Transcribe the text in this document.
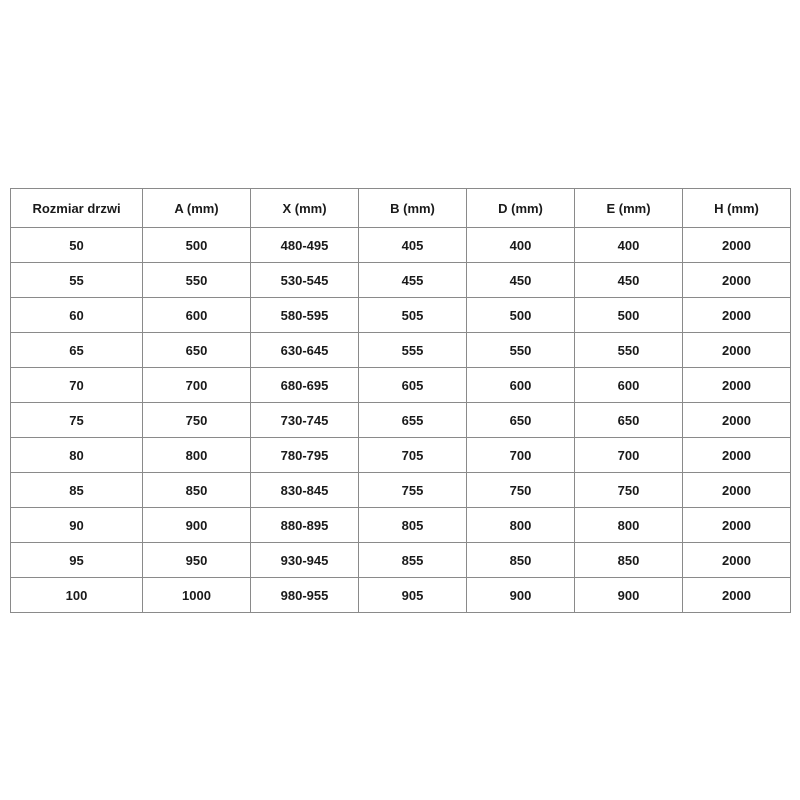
Rozmiar drzwi	A (mm)	X (mm)	B (mm)	D (mm)	E (mm)	H (mm)
50	500	480-495	405	400	400	2000
55	550	530-545	455	450	450	2000
60	600	580-595	505	500	500	2000
65	650	630-645	555	550	550	2000
70	700	680-695	605	600	600	2000
75	750	730-745	655	650	650	2000
80	800	780-795	705	700	700	2000
85	850	830-845	755	750	750	2000
90	900	880-895	805	800	800	2000
95	950	930-945	855	850	850	2000
100	1000	980-955	905	900	900	2000
